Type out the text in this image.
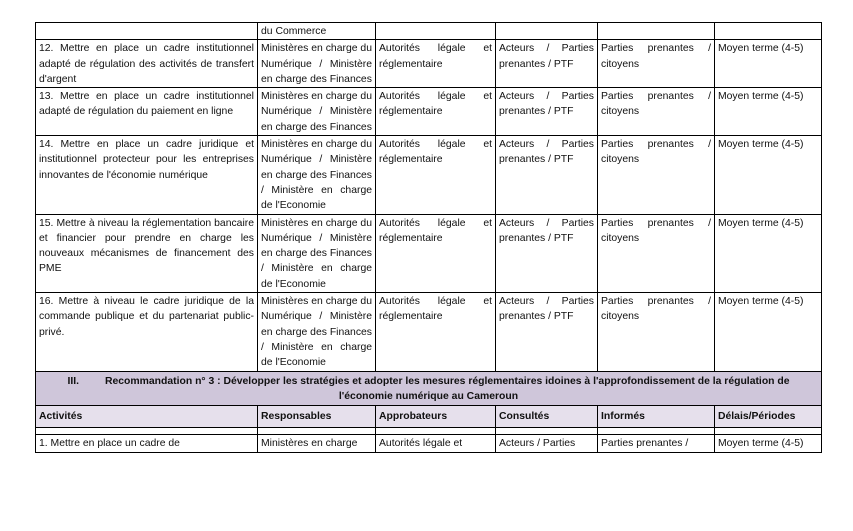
	du Commerce				
12. Mettre en place un cadre institutionnel adapté de régulation des activités de transfert d'argent	Ministères en charge du Numérique / Ministère en charge des Finances	Autorités légale et réglementaire	Acteurs / Parties prenantes / PTF	Parties prenantes / citoyens	Moyen terme (4-5)
13. Mettre en place un cadre institutionnel adapté de régulation du paiement en ligne	Ministères en charge du Numérique / Ministère en charge des Finances	Autorités légale et réglementaire	Acteurs / Parties prenantes / PTF	Parties prenantes / citoyens	Moyen terme (4-5)
14. Mettre en place un cadre juridique et institutionnel protecteur pour les entreprises innovantes de l'économie numérique	Ministères en charge du Numérique / Ministère en charge des Finances / Ministère en charge de l'Economie	Autorités légale et réglementaire	Acteurs / Parties prenantes / PTF	Parties prenantes / citoyens	Moyen terme (4-5)
15. Mettre à niveau la réglementation bancaire et financier pour prendre en charge les nouveaux mécanismes de financement des PME	Ministères en charge du Numérique / Ministère en charge des Finances / Ministère en charge de l'Economie	Autorités légale et réglementaire	Acteurs / Parties prenantes / PTF	Parties prenantes / citoyens	Moyen terme (4-5)
16. Mettre à niveau le cadre juridique de la commande publique et du partenariat public-privé.	Ministères en charge du Numérique / Ministère en charge des Finances / Ministère en charge de l'Economie	Autorités légale et réglementaire	Acteurs / Parties prenantes / PTF	Parties prenantes / citoyens	Moyen terme (4-5)
III. Recommandation n° 3 : Développer les stratégies et adopter les mesures réglementaires idoines à l'approfondissement de la régulation de
l'économie numérique au Cameroun					
Activités	Responsables	Approbateurs	Consultés	Informés	Délais/Périodes

1. Mettre en place un cadre de	Ministères en charge	Autorités légale et	Acteurs / Parties	Parties prenantes /	Moyen terme (4-5)
